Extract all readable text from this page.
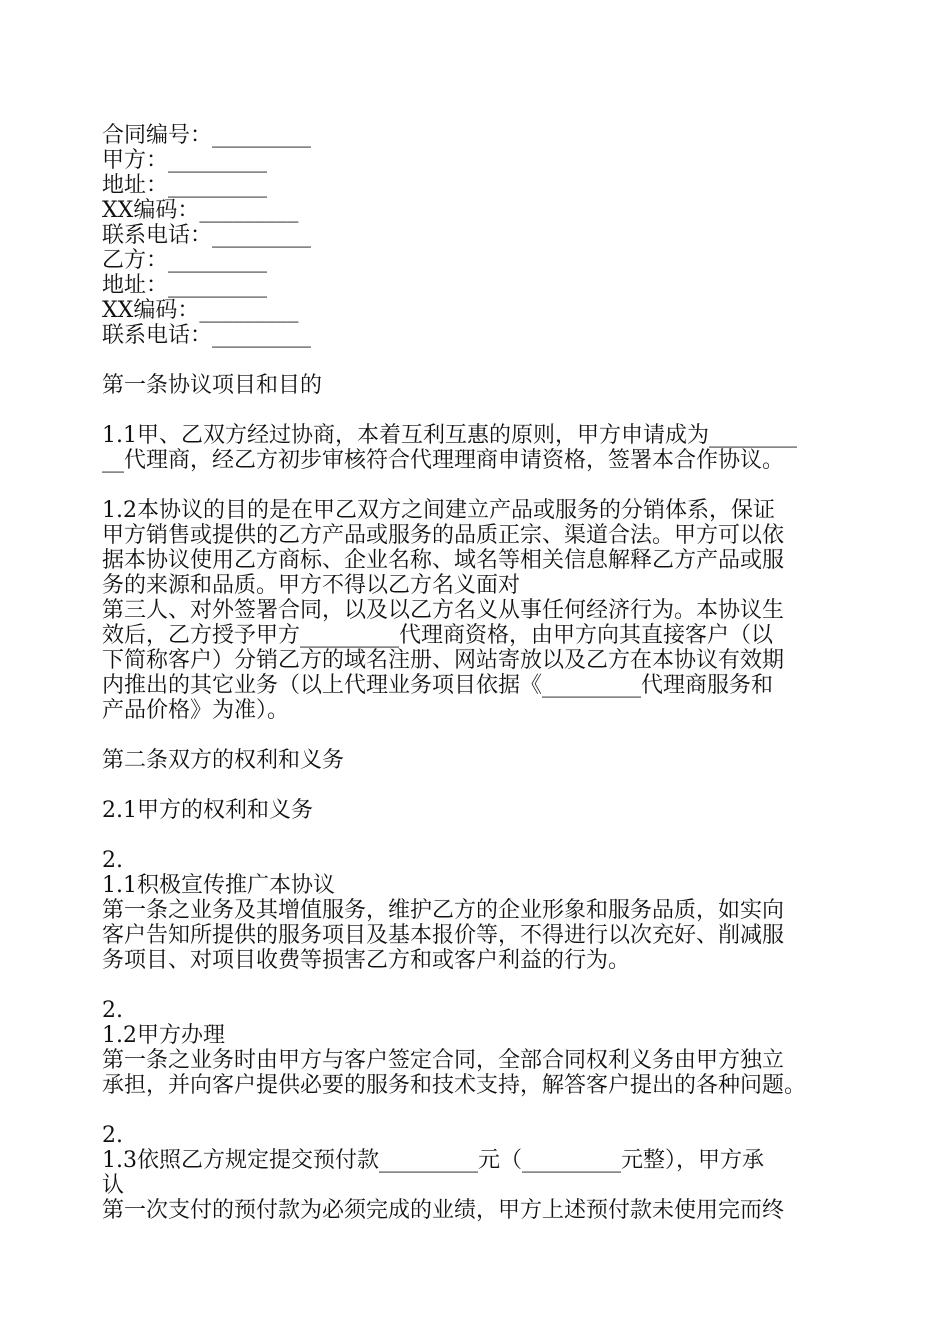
合同编号：_________
甲方：_________
地址：_________
XX编码：_________
联系电话：_________
乙方：_________
地址：_________
XX编码：_________
联系电话：_________
第一条协议项目和目的
1.1甲、乙双方经过协商，本着互利互惠的原则，甲方申请成为________
__代理商，经乙方初步审核符合代理理商申请资格，签署本合作协议。
1.2本协议的目的是在甲乙双方之间建立产品或服务的分销体系，保证
甲方销售或提供的乙方产品或服务的品质正宗、渠道合法。甲方可以依
据本协议使用乙方商标、企业名称、域名等相关信息解释乙方产品或服
务的来源和品质。甲方不得以乙方名义面对
第三人、对外签署合同，以及以乙方名义从事任何经济行为。本协议生
效后，乙方授予甲方_________代理商资格，由甲方向其直接客户（以
下简称客户）分销乙方的域名注册、网站寄放以及乙方在本协议有效期
内推出的其它业务（以上代理业务项目依据《_________代理商服务和
产品价格》为准）。
第二条双方的权利和义务
2.1甲方的权利和义务
2.
1.1积极宣传推广本协议
第一条之业务及其增值服务，维护乙方的企业形象和服务品质，如实向
客户告知所提供的服务项目及基本报价等，不得进行以次充好、削减服
务项目、对项目收费等损害乙方和或客户利益的行为。
2.
1.2甲方办理
第一条之业务时由甲方与客户签定合同，全部合同权利义务由甲方独立
承担，并向客户提供必要的服务和技术支持，解答客户提出的各种问题。
2.
1.3依照乙方规定提交预付款_________元（_________元整），甲方承
认
第一次支付的预付款为必须完成的业绩，甲方上述预付款未使用完而终
